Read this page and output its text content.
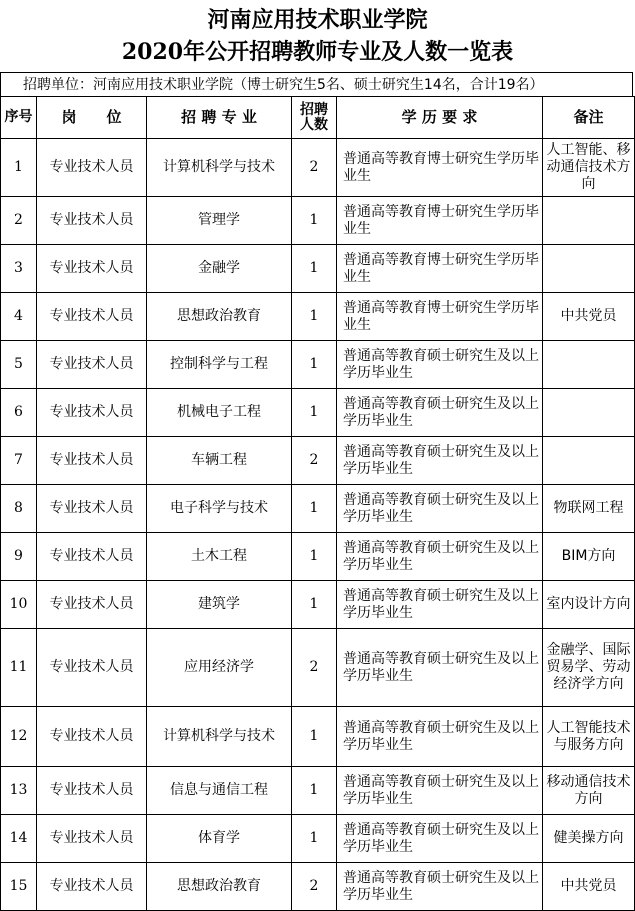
河南应用技术职业学院
2020年公开招聘教师专业及人数一览表
招聘单位：河南应用技术职业学院（博士研究生5名、硕士研究生14名，合计19名）
序号	岗　　位	招 聘 专 业	招聘人数	学 历 要 求	备注
1	专业技术人员	计算机科学与技术	2	普通高等教育博士研究生学历毕业生	人工智能、移动通信技术方向
2	专业技术人员	管理学	1	普通高等教育博士研究生学历毕业生	
3	专业技术人员	金融学	1	普通高等教育博士研究生学历毕业生	
4	专业技术人员	思想政治教育	1	普通高等教育博士研究生学历毕业生	中共党员
5	专业技术人员	控制科学与工程	1	普通高等教育硕士研究生及以上学历毕业生	
6	专业技术人员	机械电子工程	1	普通高等教育硕士研究生及以上学历毕业生	
7	专业技术人员	车辆工程	2	普通高等教育硕士研究生及以上学历毕业生	
8	专业技术人员	电子科学与技术	1	普通高等教育硕士研究生及以上学历毕业生	物联网工程
9	专业技术人员	土木工程	1	普通高等教育硕士研究生及以上学历毕业生	BIM方向
10	专业技术人员	建筑学	1	普通高等教育硕士研究生及以上学历毕业生	室内设计方向
11	专业技术人员	应用经济学	2	普通高等教育硕士研究生及以上学历毕业生	金融学、国际贸易学、劳动经济学方向
12	专业技术人员	计算机科学与技术	1	普通高等教育硕士研究生及以上学历毕业生	人工智能技术与服务方向
13	专业技术人员	信息与通信工程	1	普通高等教育硕士研究生及以上学历毕业生	移动通信技术方向
14	专业技术人员	体育学	1	普通高等教育硕士研究生及以上学历毕业生	健美操方向
15	专业技术人员	思想政治教育	2	普通高等教育硕士研究生及以上学历毕业生	中共党员
